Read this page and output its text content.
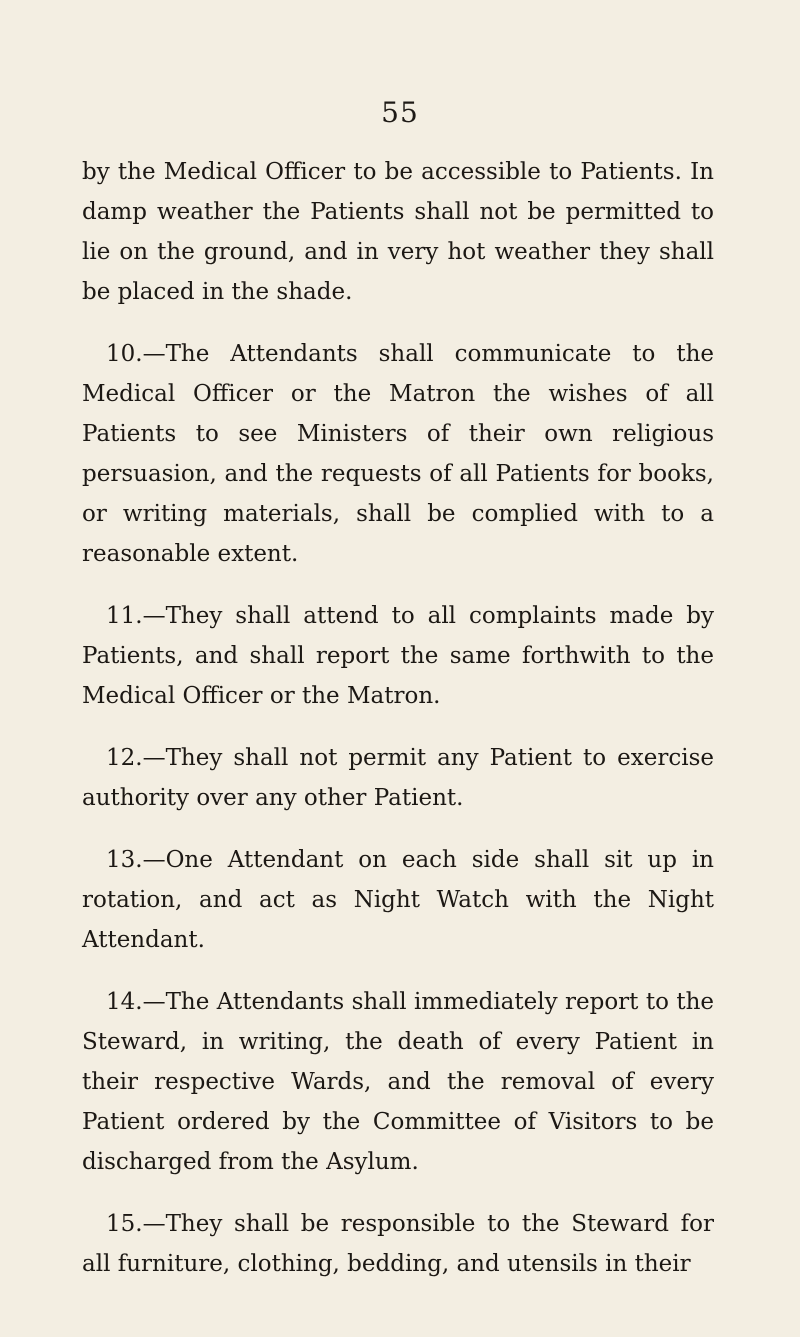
55

by the Medical Officer to be accessible to Patients. In damp weather the Patients shall not be permitted to lie on the ground, and in very hot weather they shall be placed in the shade.

10.—The Attendants shall communicate to the Medical Officer or the Matron the wishes of all Patients to see Ministers of their own religious persuasion, and the requests of all Patients for books, or writing materials, shall be complied with to a reasonable extent.

11.—They shall attend to all complaints made by Patients, and shall report the same forthwith to the Medical Officer or the Matron.

12.—They shall not permit any Patient to exercise authority over any other Patient.

13.—One Attendant on each side shall sit up in rotation, and act as Night Watch with the Night Attendant.

14.—The Attendants shall immediately report to the Steward, in writing, the death of every Patient in their respective Wards, and the removal of every Patient ordered by the Committee of Visitors to be discharged from the Asylum.

15.—They shall be responsible to the Steward for all furniture, clothing, bedding, and utensils in their
